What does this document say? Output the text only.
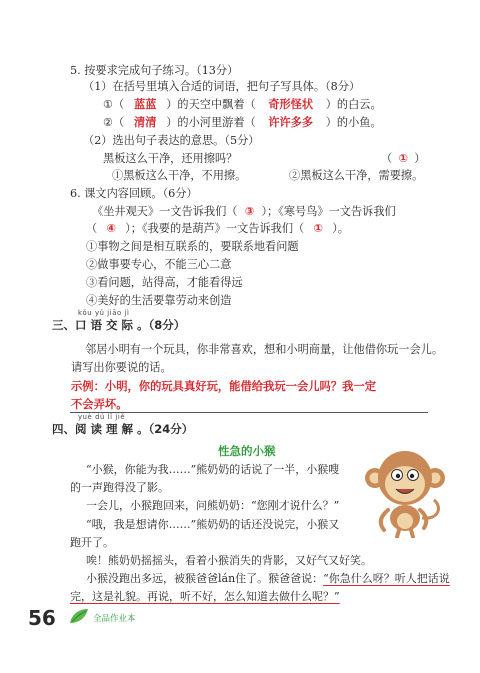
5. 按要求完成句子练习。（13分）
（1）在括号里填入合适的词语，把句子写具体。（8分）
①（ 蓝蓝 ）的天空中飘着（ 奇形怪状 ）的白云。
②（ 清清 ）的小河里游着（ 许许多多 ）的小鱼。
（2）选出句子表达的意思。（5分）
黑板这么干净，还用擦吗？	（ ① ）
①黑板这么干净，不用擦。	②黑板这么干净，需要擦。
6. 课文内容回顾。（6分）
《坐井观天》一文告诉我们（ ③ ）；《寒号鸟》一文告诉我们
（ ④ ）；《我要的是葫芦》一文告诉我们（ ① ）。
①事物之间是相互联系的，要联系地看问题
②做事要专心，不能三心二意
③看问题，站得高，才能看得远
④美好的生活要靠劳动来创造
kǒu yǔ jiāo jì
三、口 语 交 际 。（8分）
邻居小明有一个玩具，你非常喜欢，想和小明商量，让他借你玩一会儿。
请写出你要说的话。
示例：小明，你的玩具真好玩，能借给我玩一会儿吗？我一定
不会弄坏。
yuè dú lǐ jiě
四、阅 读 理 解 。（24分）
性急的小猴
“小猴，你能为我……”熊奶奶的话说了一半，小猴嗖
的一声跑得没了影。
一会儿，小猴跑回来，问熊奶奶：“您刚才说什么？”
“哦，我是想请你……”熊奶奶的话还没说完，小猴又
跑开了。
唉！熊奶奶摇摇头，看着小猴消失的背影，又好气又好笑。
小猴没跑出多远，被猴爸爸lán住了。猴爸爸说：“你急什么呀？听人把话说
完，这是礼貌。再说，听不好，怎么知道去做什么呢？”
56	全品作业本
